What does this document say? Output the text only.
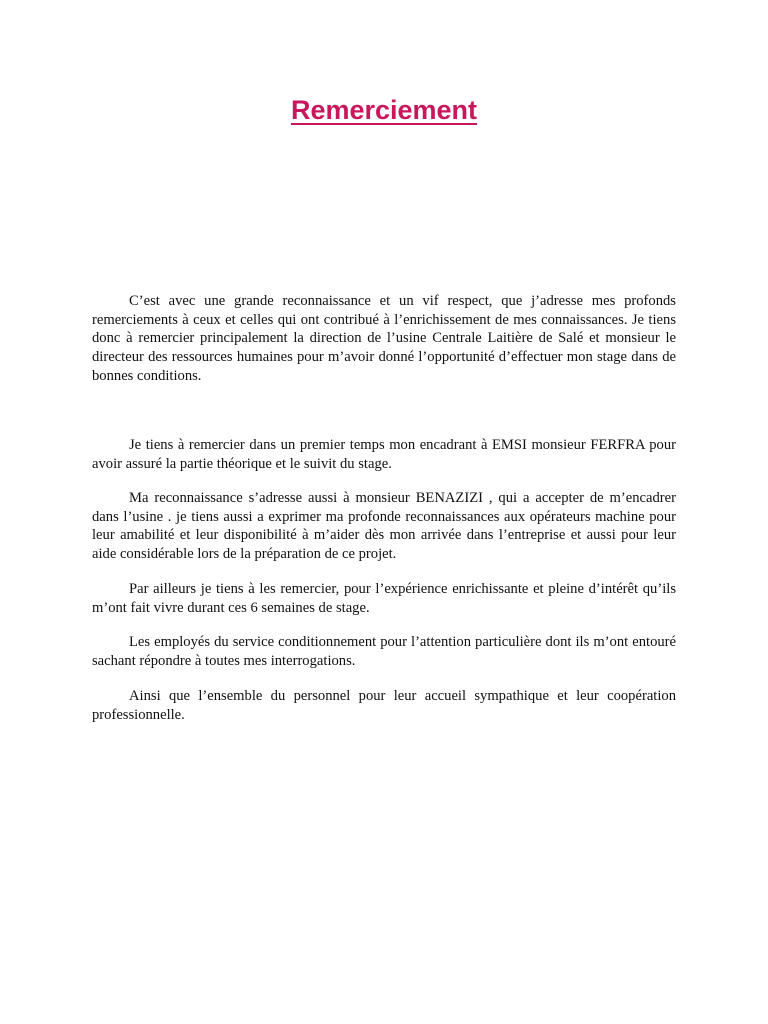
Remerciement

C’est avec une grande reconnaissance et un vif respect, que j’adresse mes profonds remerciements à ceux et celles qui ont contribué à l’enrichissement de mes connaissances. Je tiens donc à remercier principalement la direction de l’usine Centrale Laitière de Salé et monsieur le directeur des ressources humaines pour m’avoir donné l’opportunité d’effectuer mon stage dans de bonnes conditions.

Je tiens à remercier dans un premier temps mon encadrant à EMSI monsieur FERFRA pour avoir assuré la partie théorique et le suivit du stage.

Ma reconnaissance s’adresse aussi à monsieur BENAZIZI , qui a accepter de m’encadrer dans l’usine . je tiens aussi a exprimer ma profonde reconnaissances aux opérateurs machine pour leur amabilité et leur disponibilité à m’aider dès mon arrivée dans l’entreprise et aussi pour leur aide considérable lors de la préparation de ce projet.

Par ailleurs je tiens à les remercier, pour l’expérience enrichissante et pleine d’intérêt qu’ils m’ont fait vivre durant ces 6 semaines de stage.

Les employés du service conditionnement pour l’attention particulière dont ils m’ont entouré sachant répondre à toutes mes interrogations.

Ainsi que l’ensemble du personnel pour leur accueil sympathique et leur coopération professionnelle.
